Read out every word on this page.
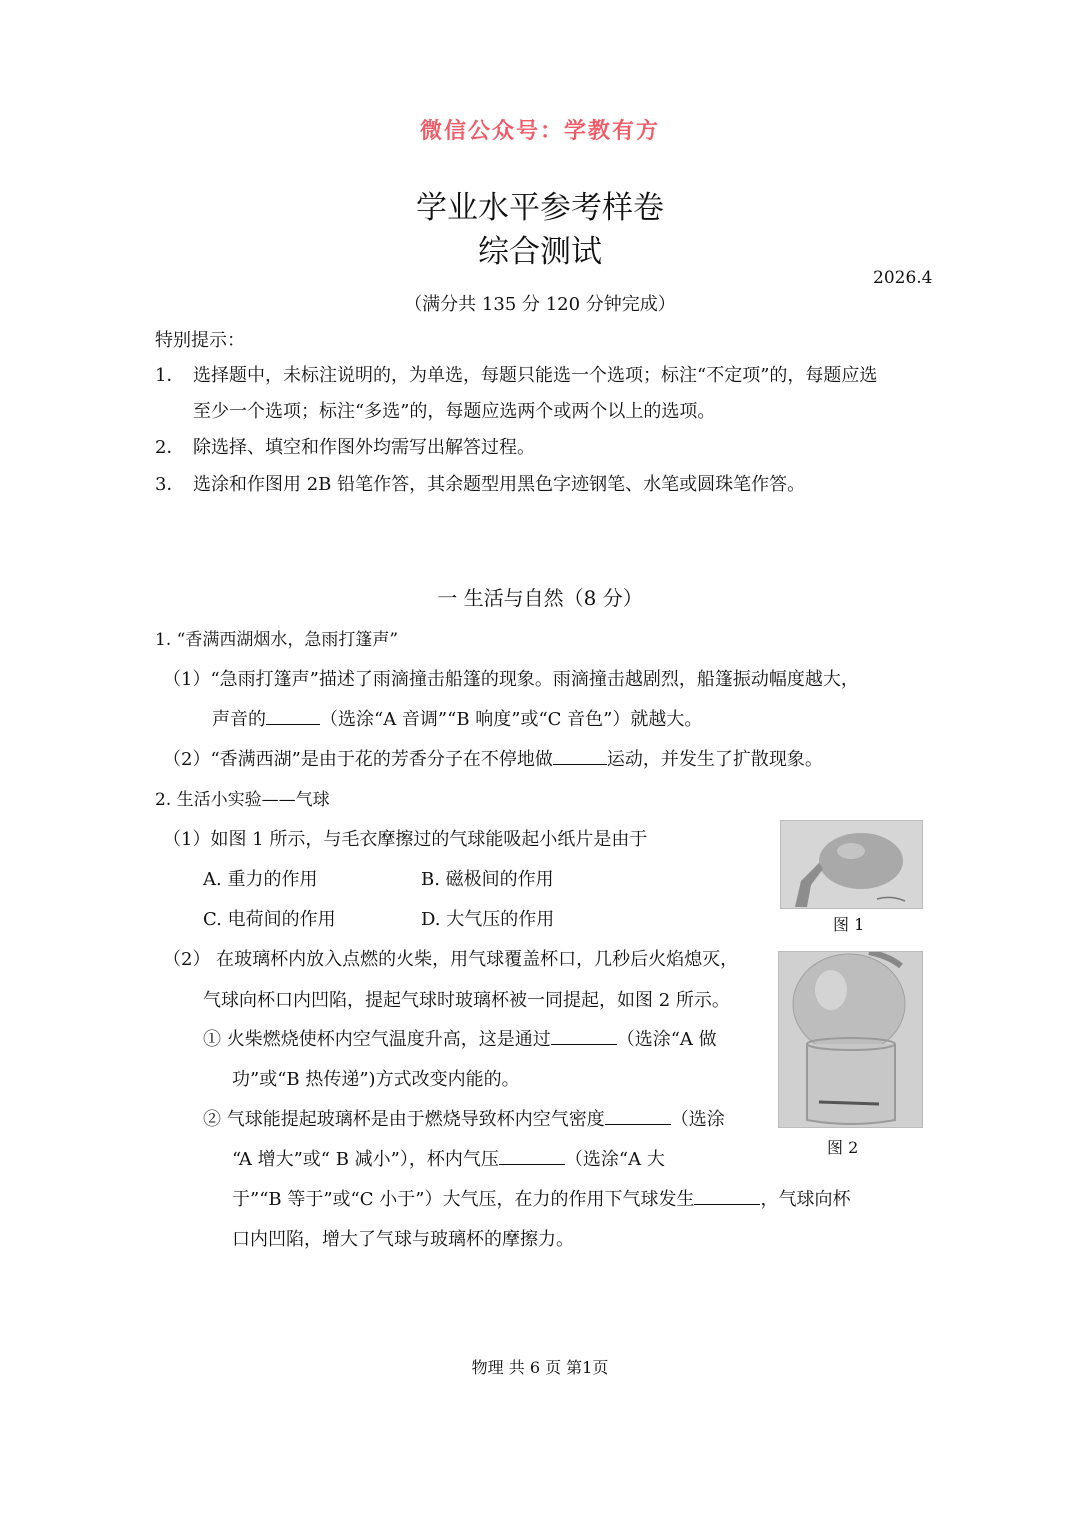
微信公众号：学教有方
学业水平参考样卷
综合测试
2026.4
（满分共 135 分 120 分钟完成）
特别提示：
1． 选择题中，未标注说明的，为单选，每题只能选一个选项；标注“不定项”的，每题应选
至少一个选项；标注“多选”的，每题应选两个或两个以上的选项。
2． 除选择、填空和作图外均需写出解答过程。
3． 选涂和作图用 2B 铅笔作答，其余题型用黑色字迹钢笔、水笔或圆珠笔作答。
一 生活与自然（8 分）
1. “香满西湖烟水，急雨打篷声”
（1）“急雨打篷声”描述了雨滴撞击船篷的现象。雨滴撞击越剧烈，船篷振动幅度越大，
声音的	（选涂“A 音调”“B 响度”或“C 音色”）就越大。
（2）“香满西湖”是由于花的芳香分子在不停地做	运动，并发生了扩散现象。
2. 生活小实验——气球
（1）如图 1 所示，与毛衣摩擦过的气球能吸起小纸片是由于
A. 重力的作用	B. 磁极间的作用
C. 电荷间的作用	D. 大气压的作用
（2） 在玻璃杯内放入点燃的火柴，用气球覆盖杯口，几秒后火焰熄灭，
气球向杯口内凹陷，提起气球时玻璃杯被一同提起，如图 2 所示。
① 火柴燃烧使杯内空气温度升高，这是通过	（选涂“A 做
功”或“B 热传递”)方式改变内能的。
② 气球能提起玻璃杯是由于燃烧导致杯内空气密度	（选涂
“A 增大”或“ B 减小”），杯内气压	（选涂“A 大
于”“B 等于”或“C 小于”）大气压，在力的作用下气球发生	，气球向杯
口内凹陷，增大了气球与玻璃杯的摩擦力。
图 1
图 2
物理 共 6 页 第1页
